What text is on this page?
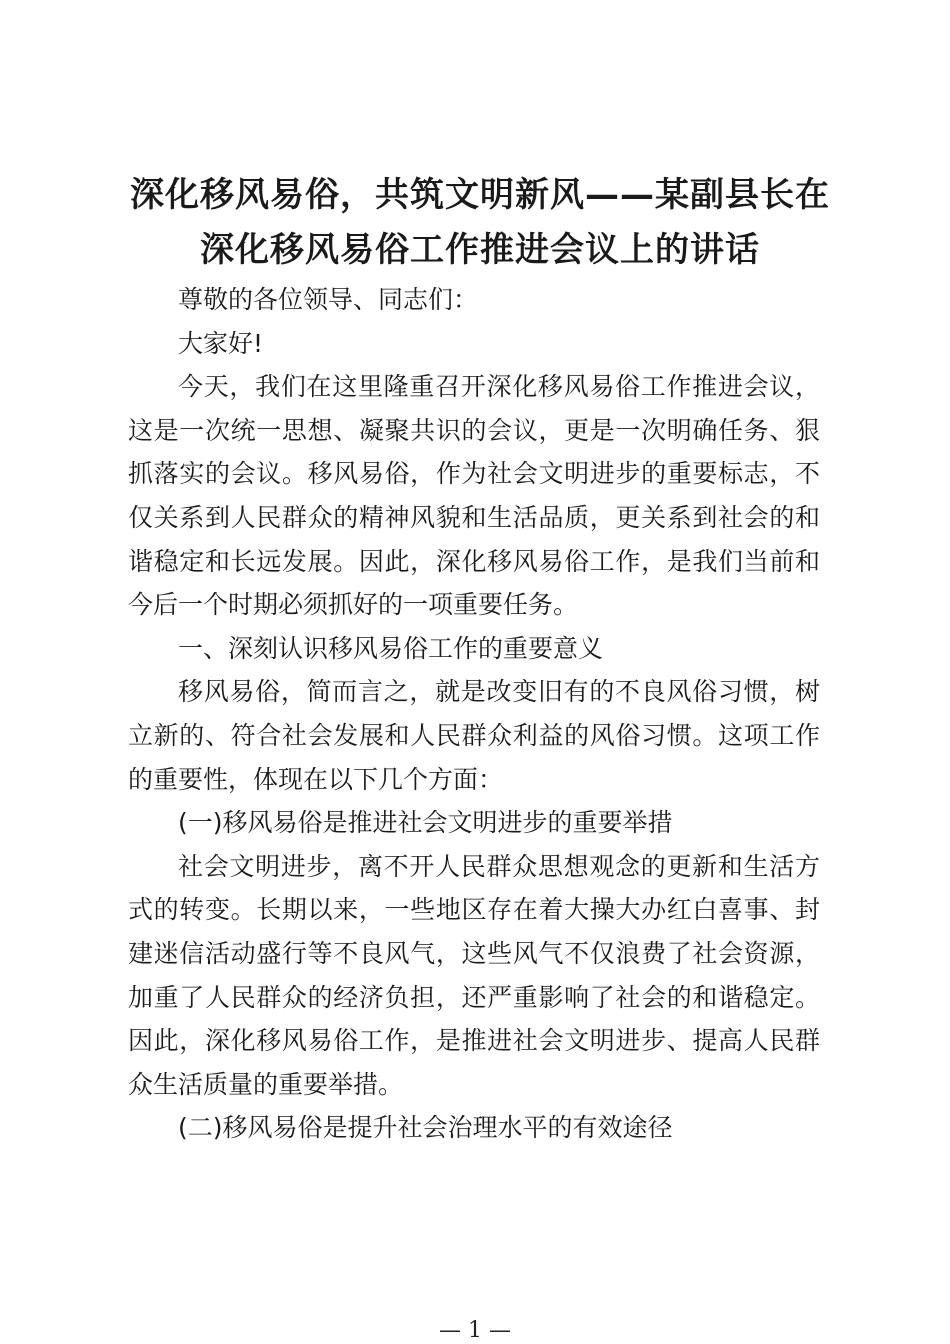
深化移风易俗，共筑文明新风——某副县长在
深化移风易俗工作推进会议上的讲话

尊敬的各位领导、同志们：

大家好!

今天，我们在这里隆重召开深化移风易俗工作推进会议，这是一次统一思想、凝聚共识的会议，更是一次明确任务、狠抓落实的会议。移风易俗，作为社会文明进步的重要标志，不仅关系到人民群众的精神风貌和生活品质，更关系到社会的和谐稳定和长远发展。因此，深化移风易俗工作，是我们当前和今后一个时期必须抓好的一项重要任务。

一、深刻认识移风易俗工作的重要意义

移风易俗，简而言之，就是改变旧有的不良风俗习惯，树立新的、符合社会发展和人民群众利益的风俗习惯。这项工作的重要性，体现在以下几个方面：

(一)移风易俗是推进社会文明进步的重要举措

社会文明进步，离不开人民群众思想观念的更新和生活方式的转变。长期以来，一些地区存在着大操大办红白喜事、封建迷信活动盛行等不良风气，这些风气不仅浪费了社会资源，加重了人民群众的经济负担，还严重影响了社会的和谐稳定。因此，深化移风易俗工作，是推进社会文明进步、提高人民群众生活质量的重要举措。

(二)移风易俗是提升社会治理水平的有效途径

— 1 —
